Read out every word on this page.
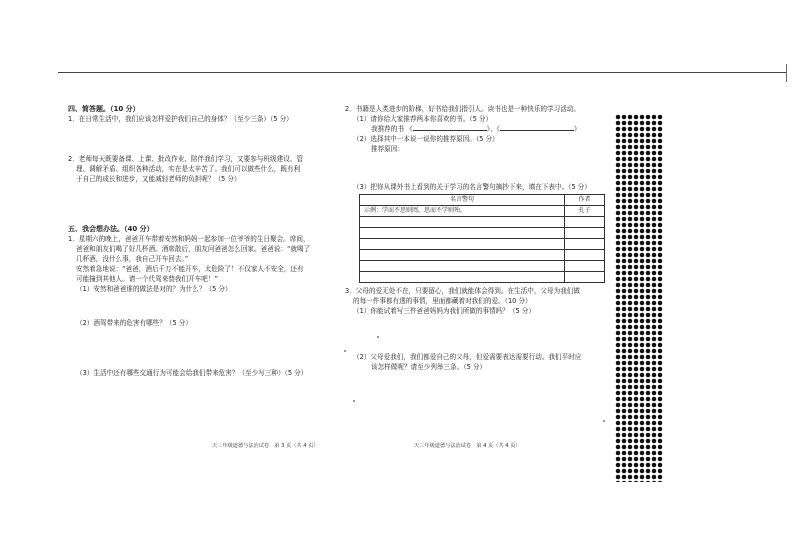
四、简答题。（10 分）
1．在日常生活中，我们应该怎样爱护我们自己的身体？（至少三条）（5 分）
2．老师每天既要备课、上课、批改作业、陪伴我们学习，又要参与班级建设、管
理、调解矛盾、组织各种活动，实在是太辛苦了。我们可以做些什么，既有利
于自己的成长和进步，又能减轻老师的负担呢？（5 分）
五、我会想办法。（40 分）
1．星期六的晚上，爸爸开车带着安然和妈妈一起参加一位爷爷的生日聚会。席间，
爸爸和朋友们喝了好几杯酒。酒席散后，朋友问爸爸怎么回家。爸爸说：“就喝了
几杯酒，没什么事，我自己开车回去。”
安然着急地说：“爸爸，酒后千万不能开车，太危险了！不仅家人不安全，还有
可能撞到其他人。请一个代驾来替我们开车吧！”
（1）安然和爸爸谁的做法是对的？为什么？（5 分）
（2）酒驾带来的危害有哪些？（5 分）
（3）生活中还有哪些交通行为可能会给我们带来危害？（至少写三种）（5 分）
2．书籍是人类进步的阶梯，好书给我们指引人。读书也是一种快乐的学习活动。
（1）请你给大家推荐两本你喜欢的书。（5 分）
我推荐的书 《	》、《	》
（2）选择其中一本说一说你的推荐原因。（5 分）
推荐原因：
（3）把你从课外书上看到的关于学习的名言警句摘抄下来，填在下表中。（5 分）
名言警句	作者
示例：学而不思则罔，思而不学则殆。	孔子

3．父母的爱无处不在，只要留心，我们就能体会得到。在生活中，父母为我们做
的每一件事都有透的事情，里面都藏着对我们的爱。（10 分）
（1）你能试着写三件爸爸妈妈为我们所做的事情吗？（5 分）
（2）父母爱我们，我们都爱自己的父母，但爱需要表达需要行动。我们平时应
该怎样做呢？请至少列举三条。（5 分）
天三年级道德与法治试卷　第 3 页（共 4 页）	天三年级道德与法治试卷　第 4 页（共 4 页）
